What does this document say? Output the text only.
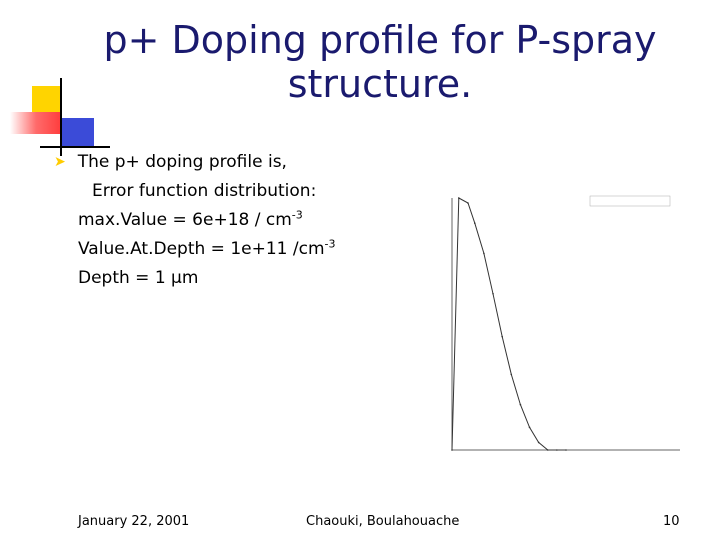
p+ Doping profile for P-spray structure.
➤ The p+ doping profile is,
Error function distribution:
max.Value = $6e+18 / cm^{-3}$
Value.At.Depth = 1e+11 $/cm^{-3}$
Depth = 1 µm
January 22, 2001	Chaouki, Boulahouache	10
